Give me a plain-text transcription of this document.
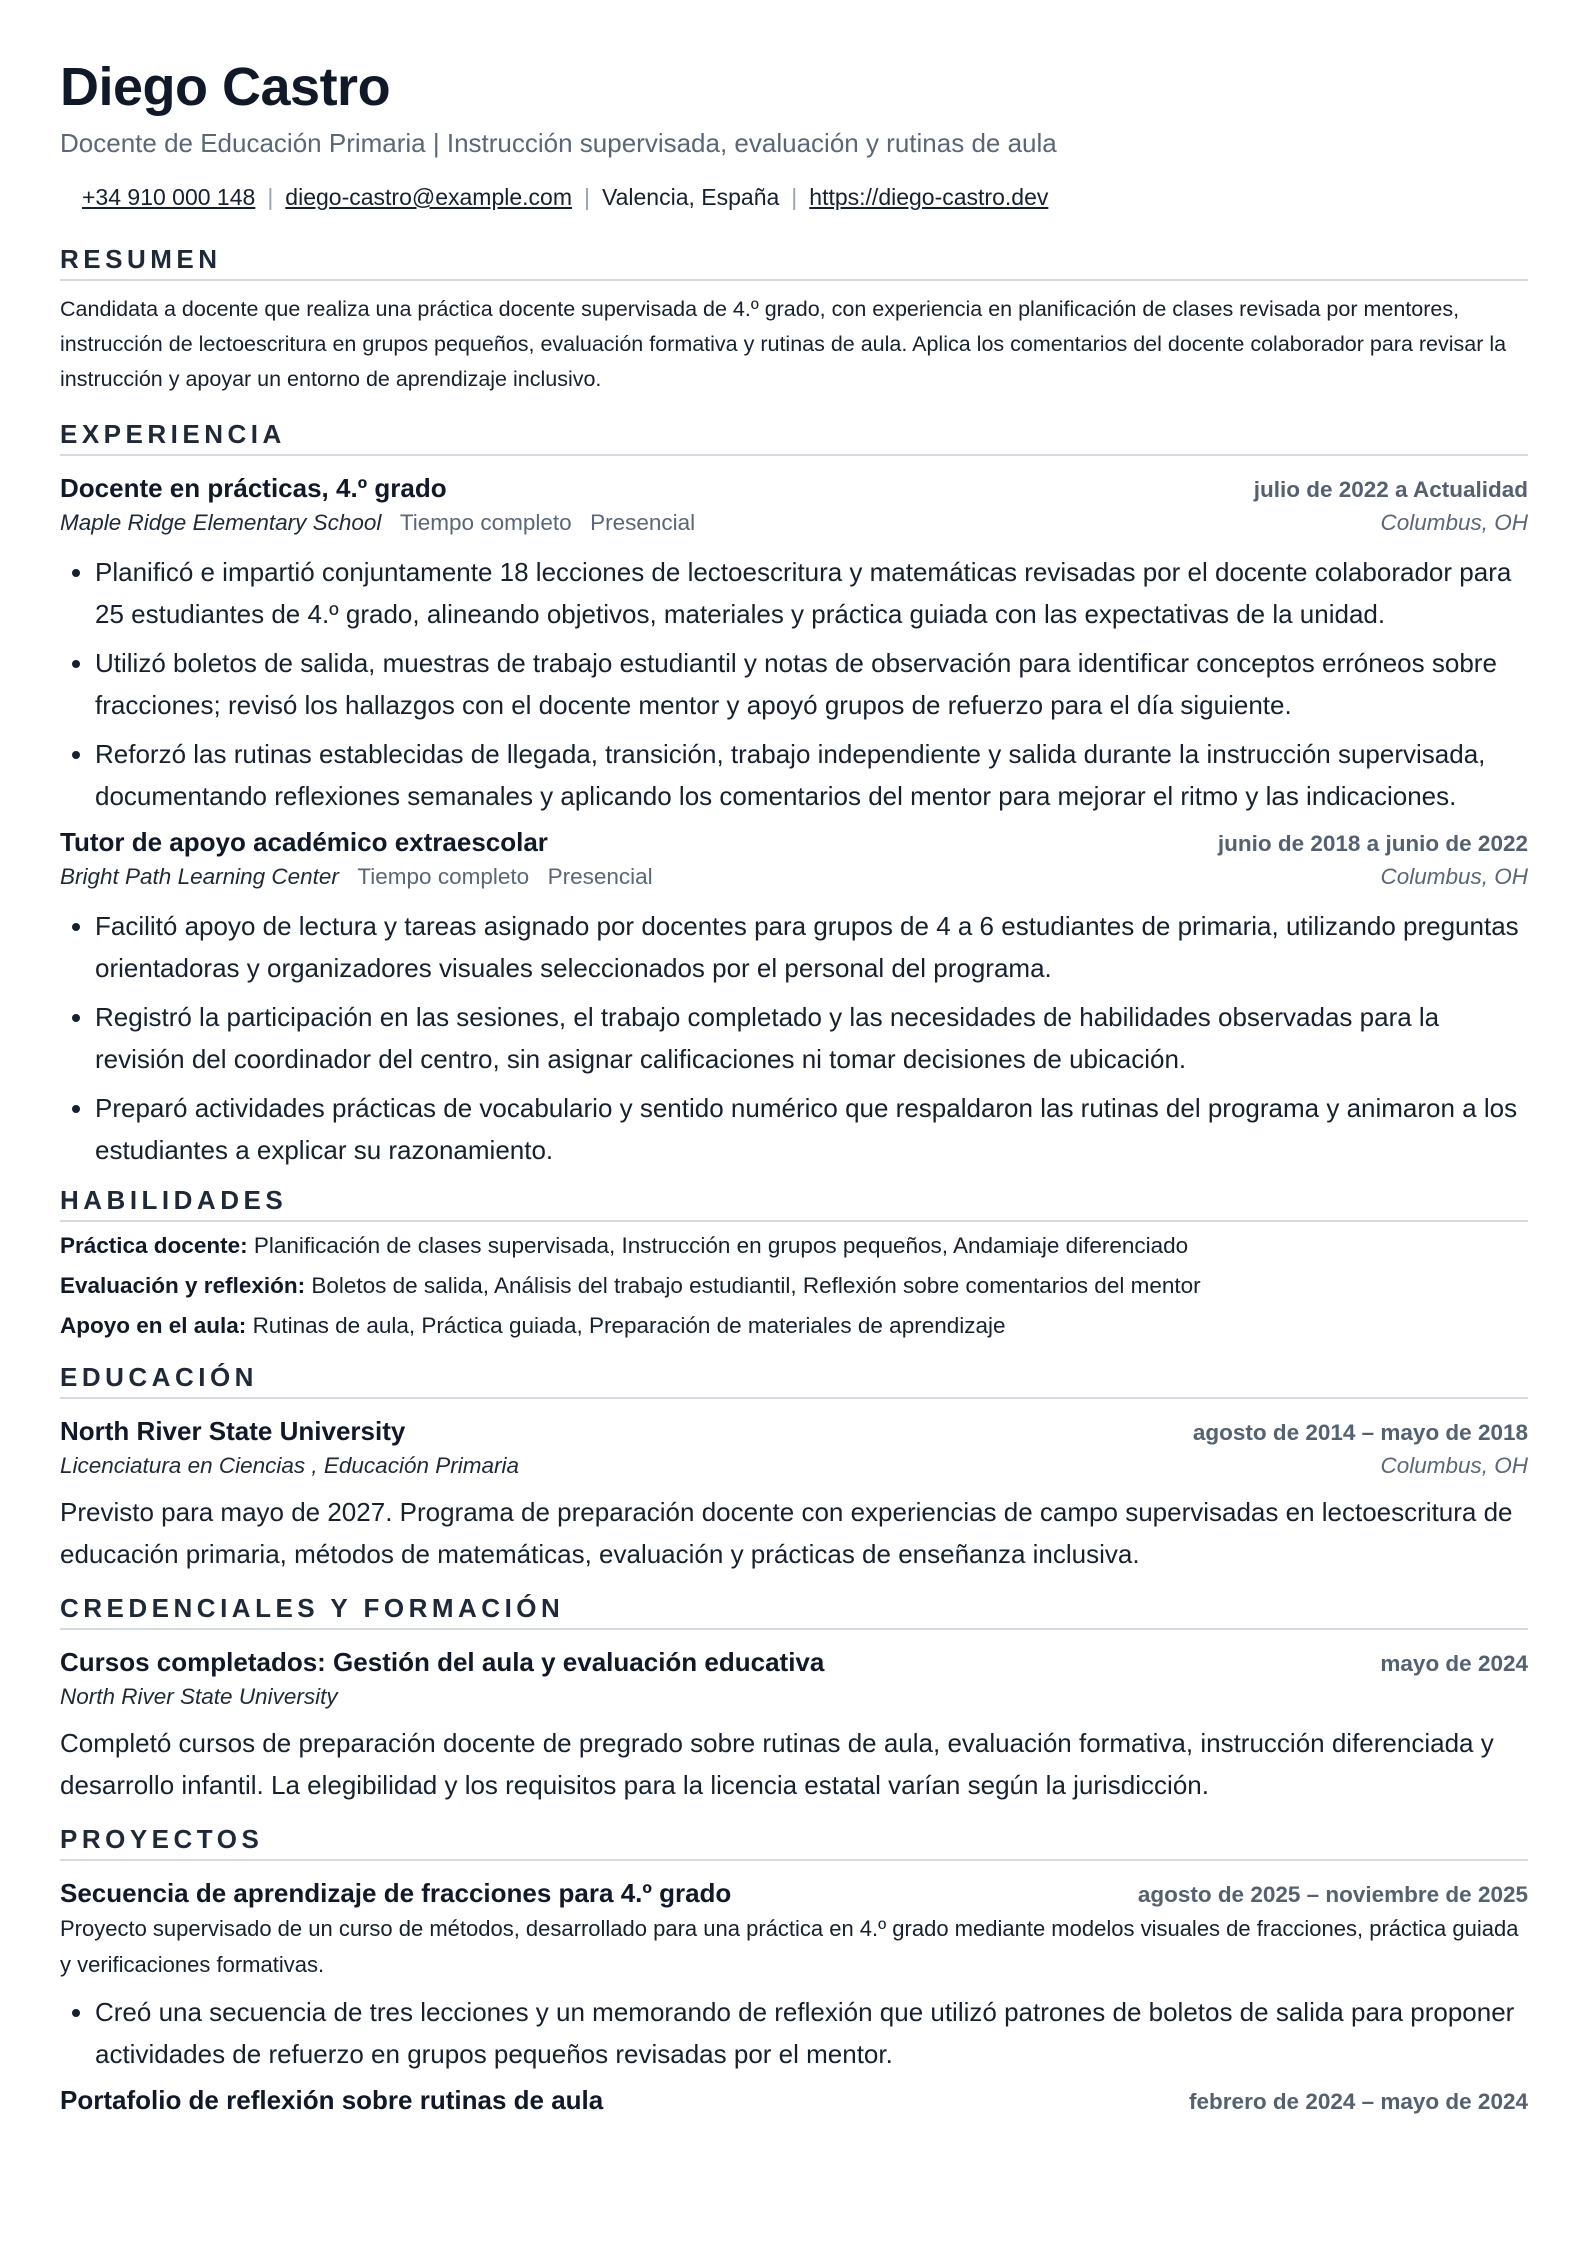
Diego Castro
Docente de Educación Primaria | Instrucción supervisada, evaluación y rutinas de aula
+34 910 000 148 | diego-castro@example.com | Valencia, España | https://diego-castro.dev
RESUMEN
Candidata a docente que realiza una práctica docente supervisada de 4.º grado, con experiencia en planificación de clases revisada por mentores, instrucción de lectoescritura en grupos pequeños, evaluación formativa y rutinas de aula. Aplica los comentarios del docente colaborador para revisar la instrucción y apoyar un entorno de aprendizaje inclusivo.
EXPERIENCIA
Docente en prácticas, 4.º grado	julio de 2022 a Actualidad
Maple Ridge Elementary School Tiempo completo Presencial	Columbus, OH
• Planificó e impartió conjuntamente 18 lecciones de lectoescritura y matemáticas revisadas por el docente colaborador para 25 estudiantes de 4.º grado, alineando objetivos, materiales y práctica guiada con las expectativas de la unidad.
• Utilizó boletos de salida, muestras de trabajo estudiantil y notas de observación para identificar conceptos erróneos sobre fracciones; revisó los hallazgos con el docente mentor y apoyó grupos de refuerzo para el día siguiente.
• Reforzó las rutinas establecidas de llegada, transición, trabajo independiente y salida durante la instrucción supervisada, documentando reflexiones semanales y aplicando los comentarios del mentor para mejorar el ritmo y las indicaciones.
Tutor de apoyo académico extraescolar	junio de 2018 a junio de 2022
Bright Path Learning Center Tiempo completo Presencial	Columbus, OH
• Facilitó apoyo de lectura y tareas asignado por docentes para grupos de 4 a 6 estudiantes de primaria, utilizando preguntas orientadoras y organizadores visuales seleccionados por el personal del programa.
• Registró la participación en las sesiones, el trabajo completado y las necesidades de habilidades observadas para la revisión del coordinador del centro, sin asignar calificaciones ni tomar decisiones de ubicación.
• Preparó actividades prácticas de vocabulario y sentido numérico que respaldaron las rutinas del programa y animaron a los estudiantes a explicar su razonamiento.
HABILIDADES
Práctica docente: Planificación de clases supervisada, Instrucción en grupos pequeños, Andamiaje diferenciado
Evaluación y reflexión: Boletos de salida, Análisis del trabajo estudiantil, Reflexión sobre comentarios del mentor
Apoyo en el aula: Rutinas de aula, Práctica guiada, Preparación de materiales de aprendizaje
EDUCACIÓN
North River State University	agosto de 2014 – mayo de 2018
Licenciatura en Ciencias , Educación Primaria	Columbus, OH
Previsto para mayo de 2027. Programa de preparación docente con experiencias de campo supervisadas en lectoescritura de educación primaria, métodos de matemáticas, evaluación y prácticas de enseñanza inclusiva.
CREDENCIALES Y FORMACIÓN
Cursos completados: Gestión del aula y evaluación educativa	mayo de 2024
North River State University
Completó cursos de preparación docente de pregrado sobre rutinas de aula, evaluación formativa, instrucción diferenciada y desarrollo infantil. La elegibilidad y los requisitos para la licencia estatal varían según la jurisdicción.
PROYECTOS
Secuencia de aprendizaje de fracciones para 4.º grado	agosto de 2025 – noviembre de 2025
Proyecto supervisado de un curso de métodos, desarrollado para una práctica en 4.º grado mediante modelos visuales de fracciones, práctica guiada y verificaciones formativas.
• Creó una secuencia de tres lecciones y un memorando de reflexión que utilizó patrones de boletos de salida para proponer actividades de refuerzo en grupos pequeños revisadas por el mentor.
Portafolio de reflexión sobre rutinas de aula	febrero de 2024 – mayo de 2024
